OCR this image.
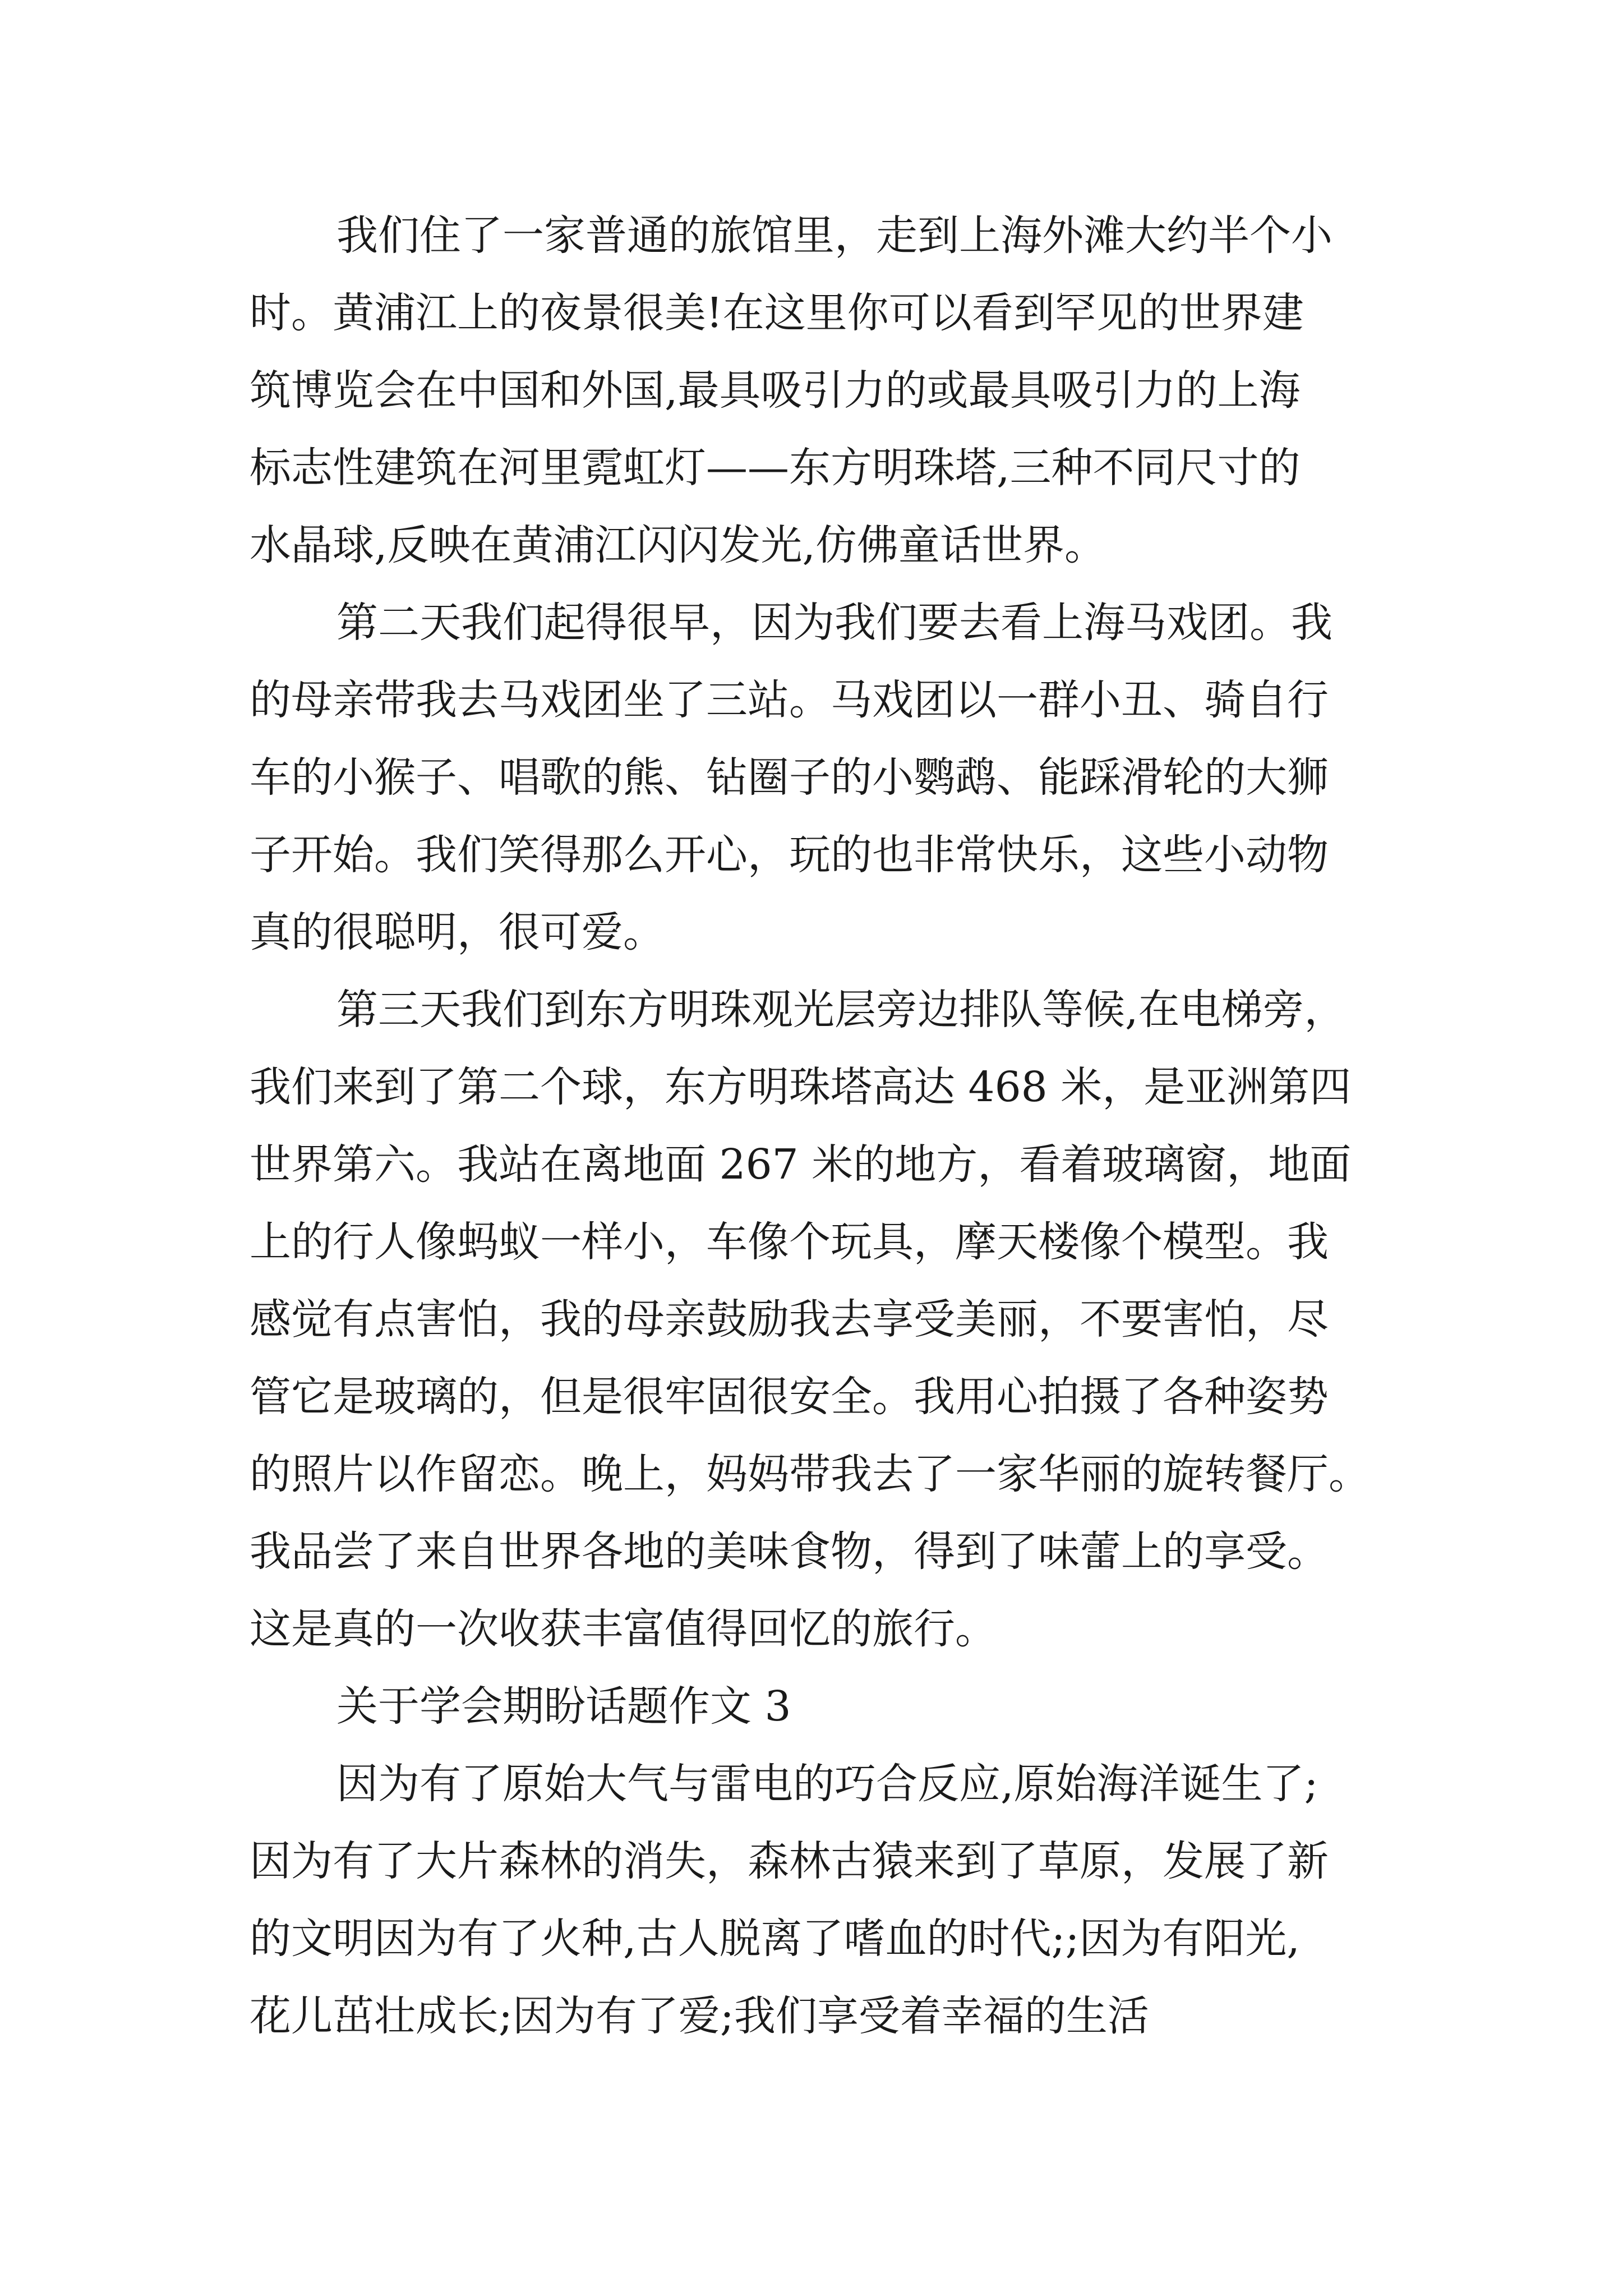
我们住了一家普通的旅馆里，走到上海外滩大约半个小

时。黄浦江上的夜景很美!在这里你可以看到罕见的世界建

筑博览会在中国和外国,最具吸引力的或最具吸引力的上海

标志性建筑在河里霓虹灯——东方明珠塔,三种不同尺寸的

水晶球,反映在黄浦江闪闪发光,仿佛童话世界。

第二天我们起得很早，因为我们要去看上海马戏团。我

的母亲带我去马戏团坐了三站。马戏团以一群小丑、骑自行

车的小猴子、唱歌的熊、钻圈子的小鹦鹉、能踩滑轮的大狮

子开始。我们笑得那么开心，玩的也非常快乐，这些小动物

真的很聪明，很可爱。

第三天我们到东方明珠观光层旁边排队等候,在电梯旁，

我们来到了第二个球，东方明珠塔高达 468 米，是亚洲第四

世界第六。我站在离地面 267 米的地方，看着玻璃窗，地面

上的行人像蚂蚁一样小，车像个玩具，摩天楼像个模型。我

感觉有点害怕，我的母亲鼓励我去享受美丽，不要害怕，尽

管它是玻璃的，但是很牢固很安全。我用心拍摄了各种姿势

的照片以作留恋。晚上，妈妈带我去了一家华丽的旋转餐厅。

我品尝了来自世界各地的美味食物，得到了味蕾上的享受。

这是真的一次收获丰富值得回忆的旅行。

关于学会期盼话题作文 3

因为有了原始大气与雷电的巧合反应,原始海洋诞生了;

因为有了大片森林的消失，森林古猿来到了草原，发展了新

的文明因为有了火种,古人脱离了嗜血的时代;;因为有阳光,

花儿茁壮成长;因为有了爱;我们享受着幸福的生活
